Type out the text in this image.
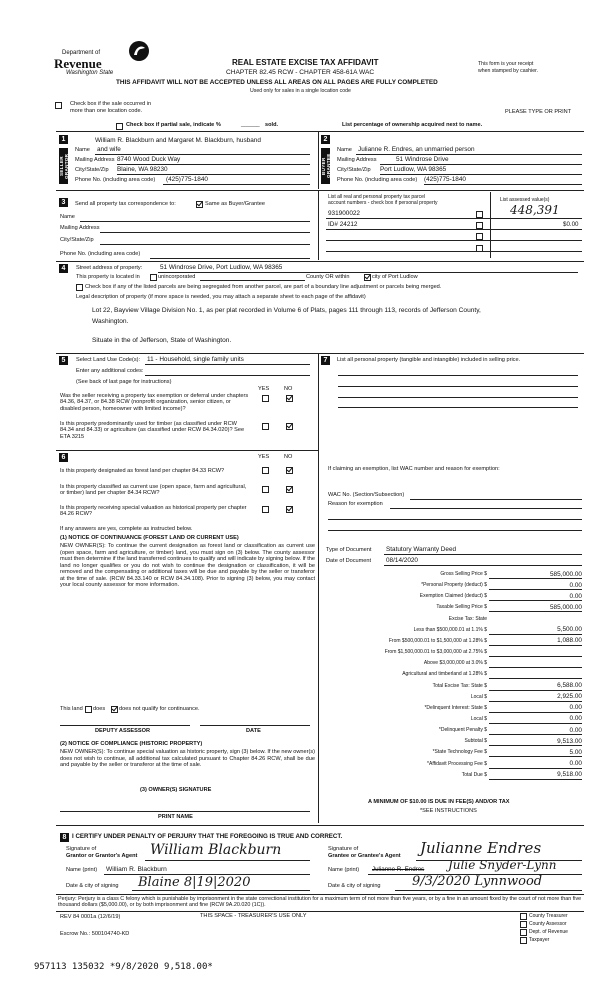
Department of
Revenue
Washington State
REAL ESTATE EXCISE TAX AFFIDAVIT
CHAPTER 82.45 RCW - CHAPTER 458-61A WAC
THIS AFFIDAVIT WILL NOT BE ACCEPTED UNLESS ALL AREAS ON ALL PAGES ARE FULLY COMPLETED
Used only for sales in a single location code
This form is your receipt
when stamped by cashier.
Check box if the sale occurred in
more than one location code.	PLEASE TYPE OR PRINT
Check box if partial sale, indicate %	______ sold.	List percentage of ownership acquired next to name.
1
SELLER GRANTOR
William R. Blackburn and Margaret M. Blackburn, husband
Name and wife
Mailing Address 8740 Wood Duck Way
City/State/Zip Blaine, WA 98230
Phone No. (including area code) (425)775-1840
2
BUYER GRANTEE
Name Julianne R. Endres, an unmarried person
Mailing Address	51 Windrose Drive
City/State/Zip Port Ludlow, WA 98365
Phone No. (including area code) (425)775-1840
3	Send all property tax correspondence to:	Same as Buyer/Grantee
Name
Mailing Address
City/State/Zip
Phone No. (including area code)
List all real and personal property tax parcel
account numbers - check box if personal property	List assessed value(s)
931900022	448,391
ID# 24212	$0.00
4	Street address of property:	51 Windrose Drive, Port Ludlow, WA 98365
This property is located in	unincorporated	County OR within	city of Port Ludlow
Check box if any of the listed parcels are being segregated from another parcel, are part of a boundary line adjustment or parcels being merged.
Legal description of property (if more space is needed, you may attach a separate sheet to each page of the affidavit)
Lot 22, Bayview Village Division No. 1, as per plat recorded in Volume 6 of Plats, pages 111 through 113, records of Jefferson County,
Washington.
Situate in the of Jefferson, State of Washington.
5	Select Land Use Code(s): 11 - Household, single family units
Enter any additional codes:
(See back of last page for instructions)
YES	NO
Was the seller receiving a property tax exemption or deferral under chapters 84.36, 84.37, or 84.38 RCW (nonprofit organization, senior citizen, or disabled person, homeowner with limited income)?
Is this property predominantly used for timber (as classified under RCW 84.34 and 84.33) or agriculture (as classified under RCW 84.34.020)? See ETA 3215
6	YES	NO
Is this property designated as forest land per chapter 84.33 RCW?
Is this property classified as current use (open space, farm and agricultural, or timber) land per chapter 84.34 RCW?
Is this property receiving special valuation as historical property per chapter 84.26 RCW?
If any answers are yes, complete as instructed below.
(1) NOTICE OF CONTINUANCE (FOREST LAND OR CURRENT USE)
NEW OWNER(S): To continue the current designation as forest land or classification as current use (open space, farm and agriculture, or timber) land, you must sign on (3) below. The county assessor must then determine if the land transferred continues to qualify and will indicate by signing below. If the land no longer qualifies or you do not wish to continue the designation or classification, it will be removed and the compensating or additional taxes will be due and payable by the seller or transferor at the time of sale. (RCW 84.33.140 or RCW 84.34.108). Prior to signing (3) below, you may contact your local county assessor for more information.
This land does does not qualify for continuance.
DEPUTY ASSESSOR	DATE
(2) NOTICE OF COMPLIANCE (HISTORIC PROPERTY)
NEW OWNER(S): To continue special valuation as historic property, sign (3) below. If the new owner(s) does not wish to continue, all additional tax calculated pursuant to Chapter 84.26 RCW, shall be due and payable by the seller or transferor at the time of sale.
(3) OWNER(S) SIGNATURE
PRINT NAME
7	List all personal property (tangible and intangible) included in selling price.
If claiming an exemption, list WAC number and reason for exemption:
WAC No. (Section/Subsection)
Reason for exemption
Type of Document Statutory Warranty Deed
Date of Document 08/14/2020
Gross Selling Price $	585,000.00
*Personal Property (deduct) $	0.00
Exemption Claimed (deduct) $	0.00
Taxable Selling Price $	585,000.00
Excise Tax: State
Less than $500,000.01 at 1.1% $	5,500.00
From $500,000.01 to $1,500,000 at 1.28% $	1,088.00
From $1,500,000.01 to $3,000,000 at 2.75% $
Above $3,000,000 at 3.0% $
Agricultural and timberland at 1.28% $
Total Excise Tax: State $	6,588.00
Local $	2,925.00
*Delinquent Interest: State $	0.00
Local $	0.00
*Delinquent Penalty $	0.00
Subtotal $	9,513.00
*State Technology Fee $	5.00
*Affidavit Processing Fee $	0.00
Total Due $	9,518.00
A MINIMUM OF $10.00 IS DUE IN FEE(S) AND/OR TAX
*SEE INSTRUCTIONS
8 I CERTIFY UNDER PENALTY OF PERJURY THAT THE FOREGOING IS TRUE AND CORRECT.
Signature of
Grantor or Grantor's Agent William Blackburn
Name (print) William R. Blackburn
Date & city of signing Blaine 8|19|2020
Signature of
Grantee or Grantee's Agent Julianne Endres
Name (print) Julianne R. Endres Julie Snyder-Lynn
Date & city of signing 9/3/2020 Lynnwood
Perjury: Perjury is a class C felony which is punishable by imprisonment in the state correctional institution for a maximum term of not more than five years, or by a fine in an amount fixed by the court of not more than five thousand dollars ($5,000.00), or by both imprisonment and fine (RCW 9A.20.020 (1C)).
REV 84 0001a (12/6/19)	THIS SPACE - TREASURER'S USE ONLY
Escrow No.: 500104740-KD
County Treasurer
County Assessor
Dept. of Revenue
Taxpayer
957113 135032 *9/8/2020 9,518.00*
